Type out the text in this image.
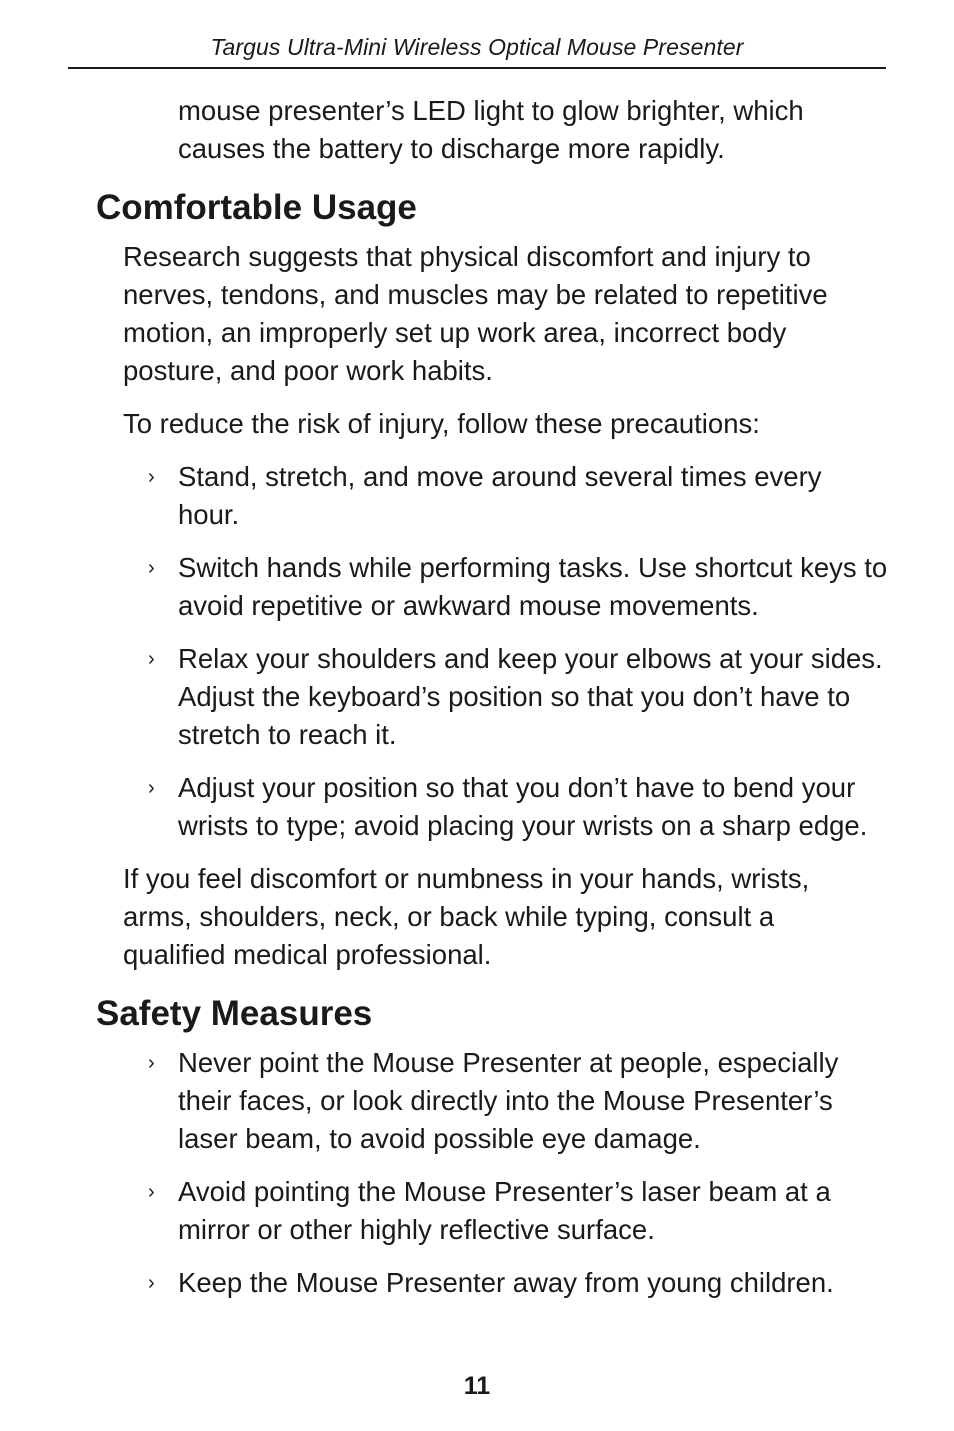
Targus Ultra-Mini Wireless Optical Mouse Presenter

mouse presenter’s LED light to glow brighter, which causes the battery to discharge more rapidly.

Comfortable Usage

Research suggests that physical discomfort and injury to nerves, tendons, and muscles may be related to repetitive motion, an improperly set up work area, incorrect body posture, and poor work habits.

To reduce the risk of injury, follow these precautions:

› Stand, stretch, and move around several times every hour.
› Switch hands while performing tasks. Use shortcut keys to avoid repetitive or awkward mouse movements.
› Relax your shoulders and keep your elbows at your sides. Adjust the keyboard’s position so that you don’t have to stretch to reach it.
› Adjust your position so that you don’t have to bend your wrists to type; avoid placing your wrists on a sharp edge.

If you feel discomfort or numbness in your hands, wrists, arms, shoulders, neck, or back while typing, consult a qualified medical professional.

Safety Measures
› Never point the Mouse Presenter at people, especially their faces, or look directly into the Mouse Presenter’s laser beam, to avoid possible eye damage.
› Avoid pointing the Mouse Presenter’s laser beam at a mirror or other highly reflective surface.
› Keep the Mouse Presenter away from young children.
11
